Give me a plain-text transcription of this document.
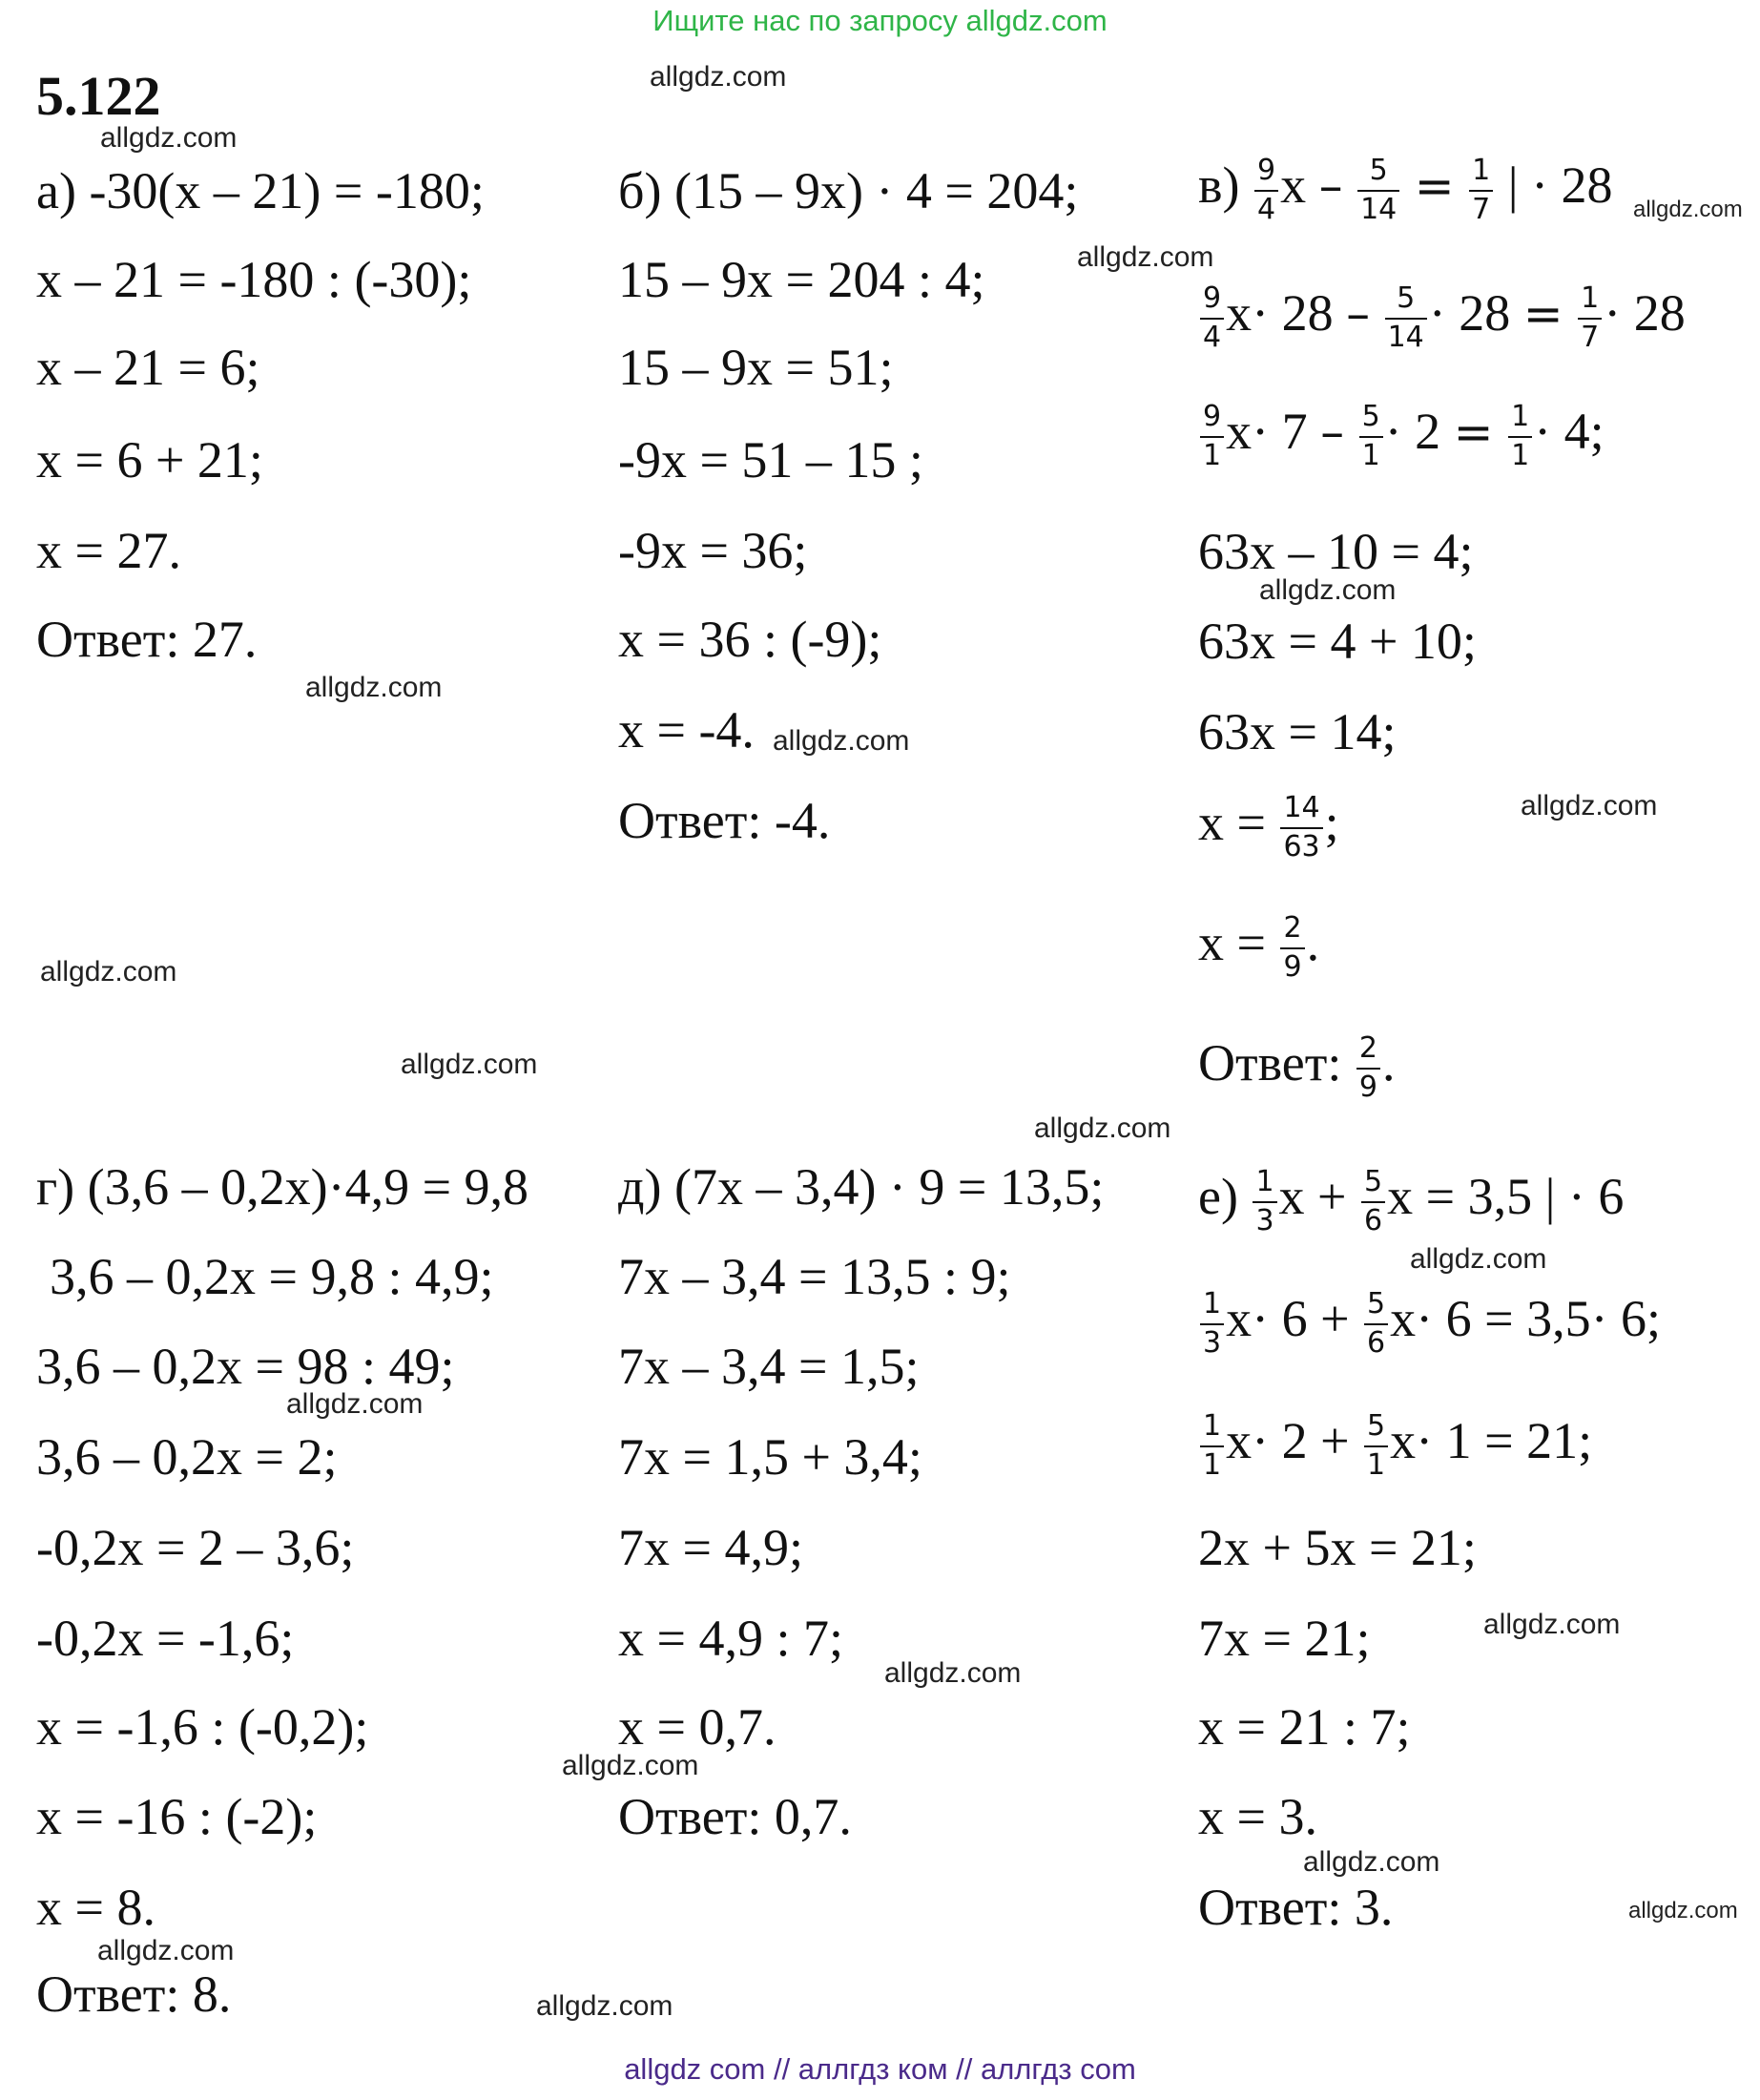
Ищите нас по запросу allgdz.com
5.122	allgdz.com
allgdz.com
allgdz.com
allgdz.com
allgdz.com
allgdz.com
allgdz.com
allgdz.com
allgdz.com
allgdz.com
allgdz.com
allgdz.com
allgdz.com
allgdz.com
allgdz.com
allgdz.com
allgdz.com
allgdz.com
allgdz.com
allgdz.com
а) -30(x – 21) = -180;
x – 21 = -180 : (-30);
x – 21 = 6;
x = 6 + 21;
x = 27.
Ответ: 27.
б) (15 – 9x) · 4 = 204;
15 – 9x = 204 : 4;
15 – 9x = 51;
-9x = 51 – 15 ;
-9x = 36;
x = 36 : (-9);
x = -4.
Ответ: -4.
$в) \frac{9}{4}$ $x - \frac{5}{14} = \frac{1}{7}$ | · 28
$\frac{9}{4} x\cdot 28 - \frac{5}{14} \cdot 28 = \frac{1}{7} \cdot 28$
$\frac{9}{1} x\cdot 7 - \frac{5}{1} \cdot 2 = \frac{1}{1} \cdot 4$;
63x – 10 = 4;
63x = 4 + 10;
63x = 14;
$x = \frac{14}{63}$ ;
$x = \frac{2}{9}$ .
Ответ: $\frac{2}{9}$ .
г) (3,6 – 0,2x)·4,9 = 9,8
3,6 – 0,2x = 9,8 : 4,9;
3,6 – 0,2x = 98 : 49;
3,6 – 0,2x = 2;
-0,2x = 2 – 3,6;
-0,2x = -1,6;
x = -1,6 : (-0,2);
x = -16 : (-2);
x = 8.
Ответ: 8.
д) (7x – 3,4) · 9 = 13,5;
7x – 3,4 = 13,5 : 9;
7x – 3,4 = 1,5;
7x = 1,5 + 3,4;
7x = 4,9;
x = 4,9 : 7;
x = 0,7.
Ответ: 0,7.
$е) \frac{1}{3}$ $x + \frac{5}{6}$ x = 3,5 | · 6
$\frac{1}{3} x\cdot 6 + \frac{5}{6} x\cdot 6 = 3,5\cdot 6$;
$\frac{1}{1} x\cdot 2 + \frac{5}{1} x\cdot 1 = 21$;
2x + 5x = 21;
7x = 21;
x = 21 : 7;
x = 3.
Ответ: 3.
allgdz com // аллгдз ком // аллгдз com
